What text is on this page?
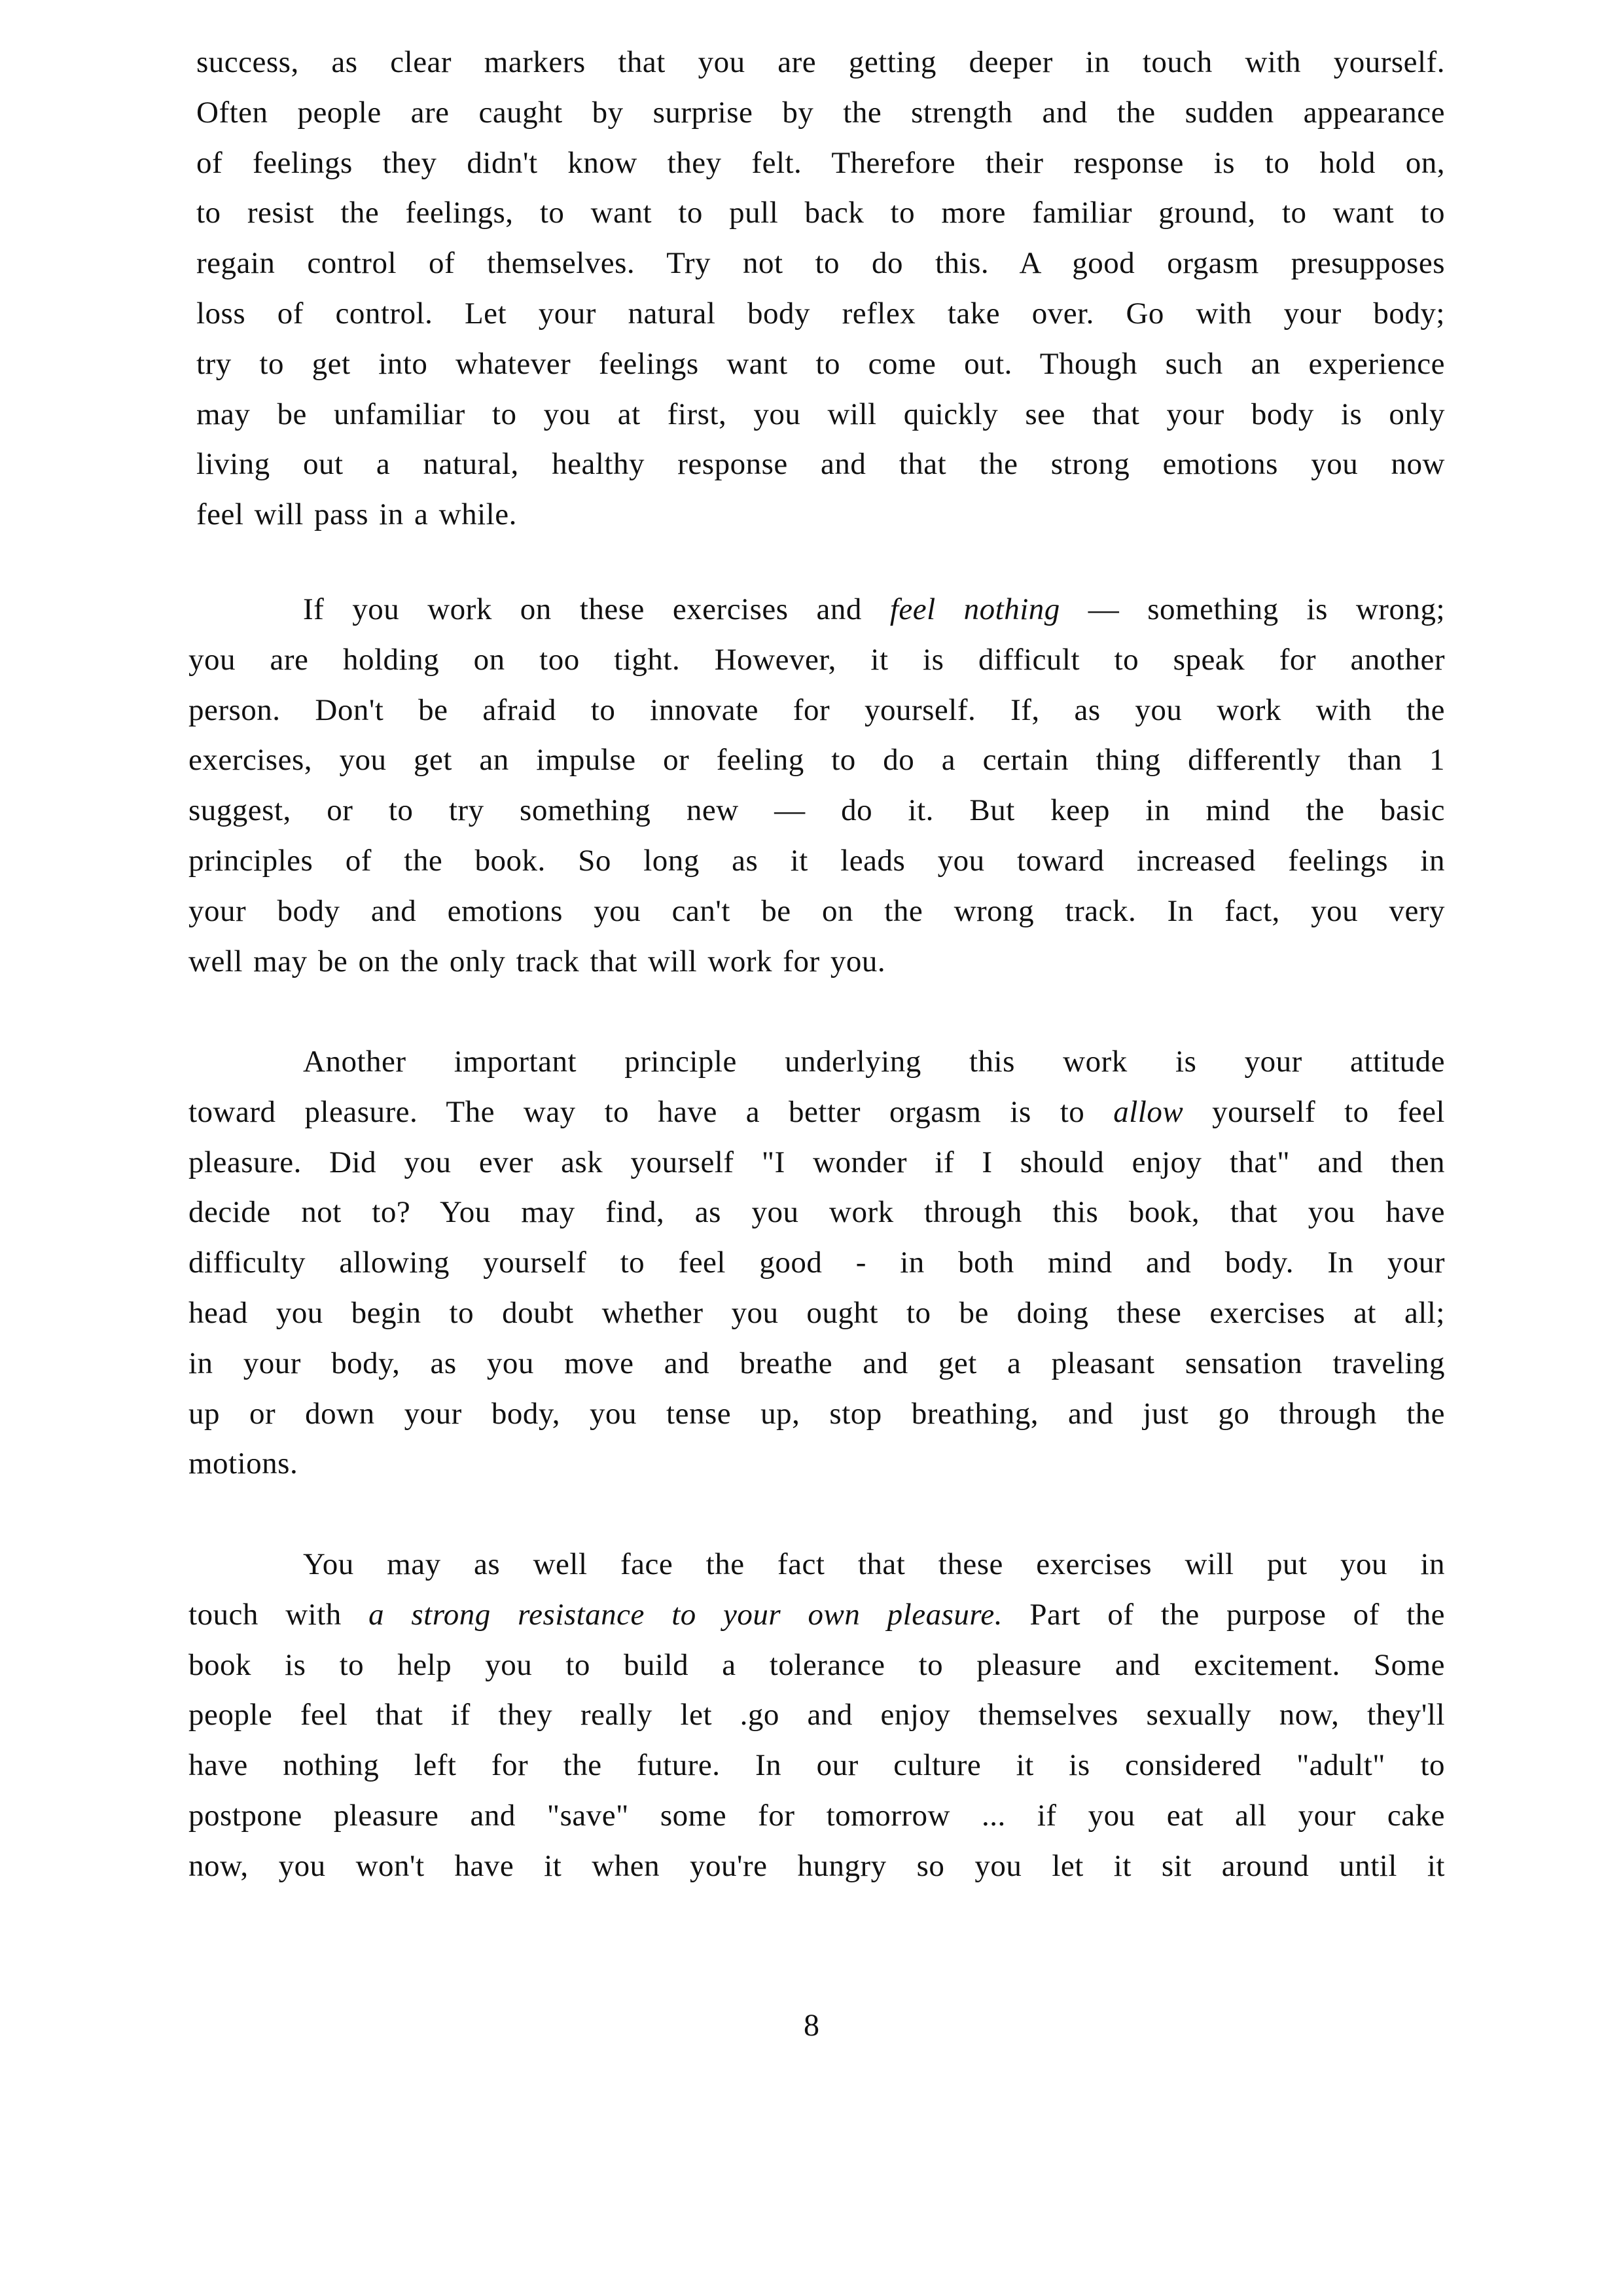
success, as clear markers that you are getting deeper in touch with yourself.
Often people are caught by surprise by the strength and the sudden appearance
of feelings they didn't know they felt. Therefore their response is to hold on,
to resist the feelings, to want to pull back to more familiar ground, to want to
regain control of themselves. Try not to do this. A good orgasm presupposes
loss of control. Let your natural body reflex take over. Go with your body;
try to get into whatever feelings want to come out. Though such an experience
may be unfamiliar to you at first, you will quickly see that your body is only
living out a natural, healthy response and that the strong emotions you now
feel will pass in a while.

If you work on these exercises and feel nothing — something is wrong;
you are holding on too tight. However, it is difficult to speak for another
person. Don't be afraid to innovate for yourself. If, as you work with the
exercises, you get an impulse or feeling to do a certain thing differently than 1
suggest, or to try something new — do it. But keep in mind the basic
principles of the book. So long as it leads you toward increased feelings in
your body and emotions you can't be on the wrong track. In fact, you very
well may be on the only track that will work for you.

Another important principle underlying this work is your attitude
toward pleasure. The way to have a better orgasm is to allow yourself to feel
pleasure. Did you ever ask yourself "I wonder if I should enjoy that" and then
decide not to? You may find, as you work through this book, that you have
difficulty allowing yourself to feel good - in both mind and body. In your
head you begin to doubt whether you ought to be doing these exercises at all;
in your body, as you move and breathe and get a pleasant sensation traveling
up or down your body, you tense up, stop breathing, and just go through the
motions.

You may as well face the fact that these exercises will put you in
touch with a strong resistance to your own pleasure. Part of the purpose of the
book is to help you to build a tolerance to pleasure and excitement. Some
people feel that if they really let .go and enjoy themselves sexually now, they'll
have nothing left for the future. In our culture it is considered "adult" to
postpone pleasure and "save" some for tomorrow ... if you eat all your cake
now, you won't have it when you're hungry so you let it sit around until it

8
